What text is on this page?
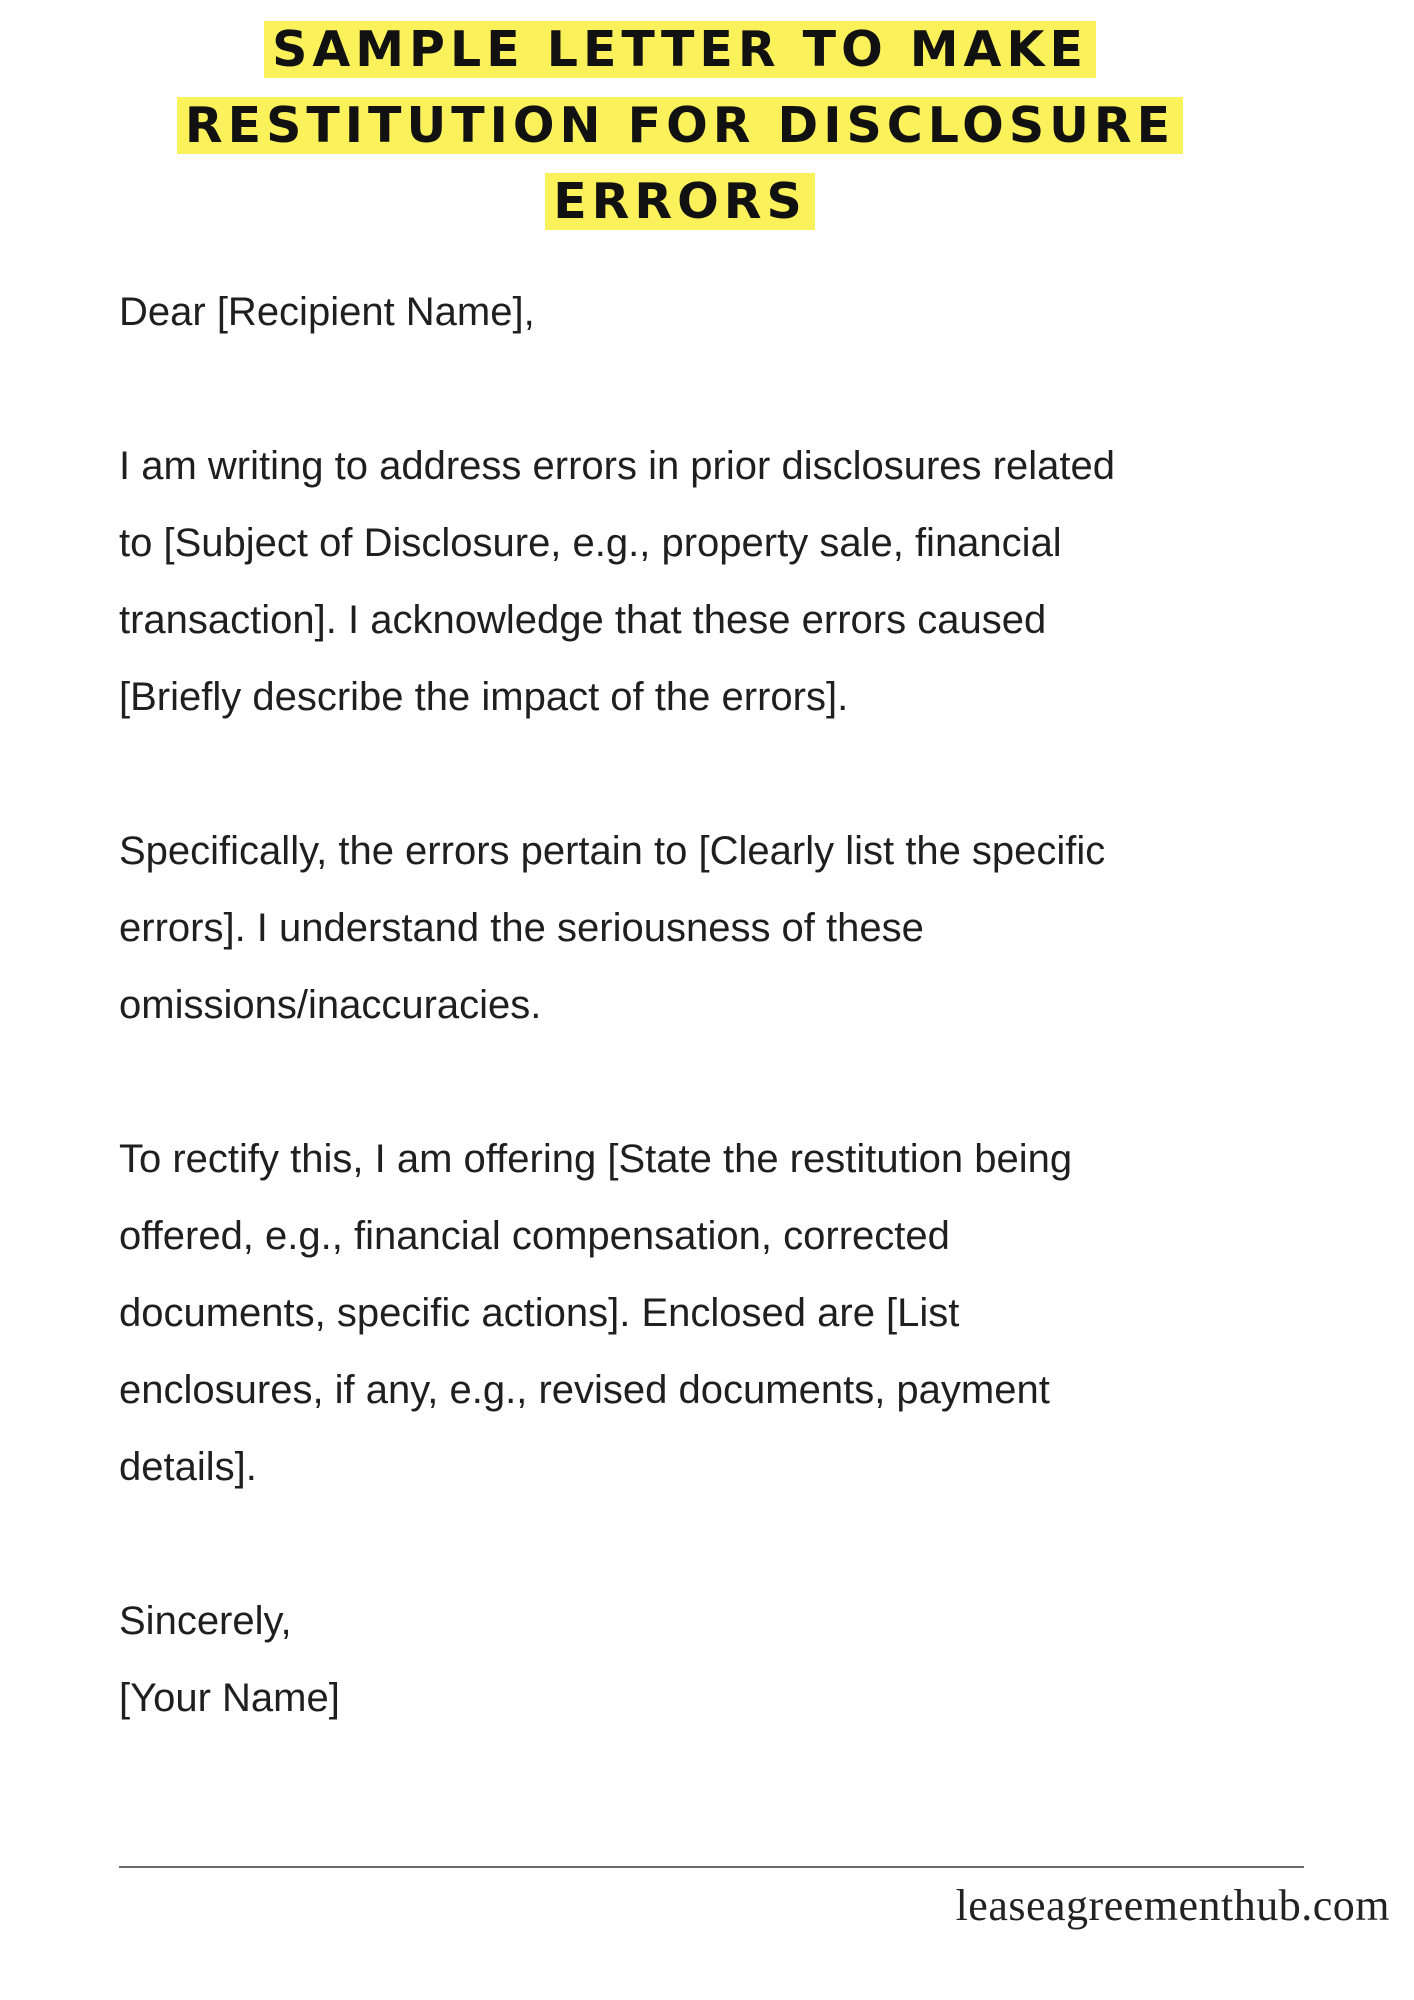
SAMPLE LETTER TO MAKE
RESTITUTION FOR DISCLOSURE
ERRORS

Dear [Recipient Name],

I am writing to address errors in prior disclosures related
to [Subject of Disclosure, e.g., property sale, financial
transaction]. I acknowledge that these errors caused
[Briefly describe the impact of the errors].

Specifically, the errors pertain to [Clearly list the specific
errors]. I understand the seriousness of these
omissions/inaccuracies.

To rectify this, I am offering [State the restitution being
offered, e.g., financial compensation, corrected
documents, specific actions]. Enclosed are [List
enclosures, if any, e.g., revised documents, payment
details].

Sincerely,

[Your Name]

leaseagreementhub.com
